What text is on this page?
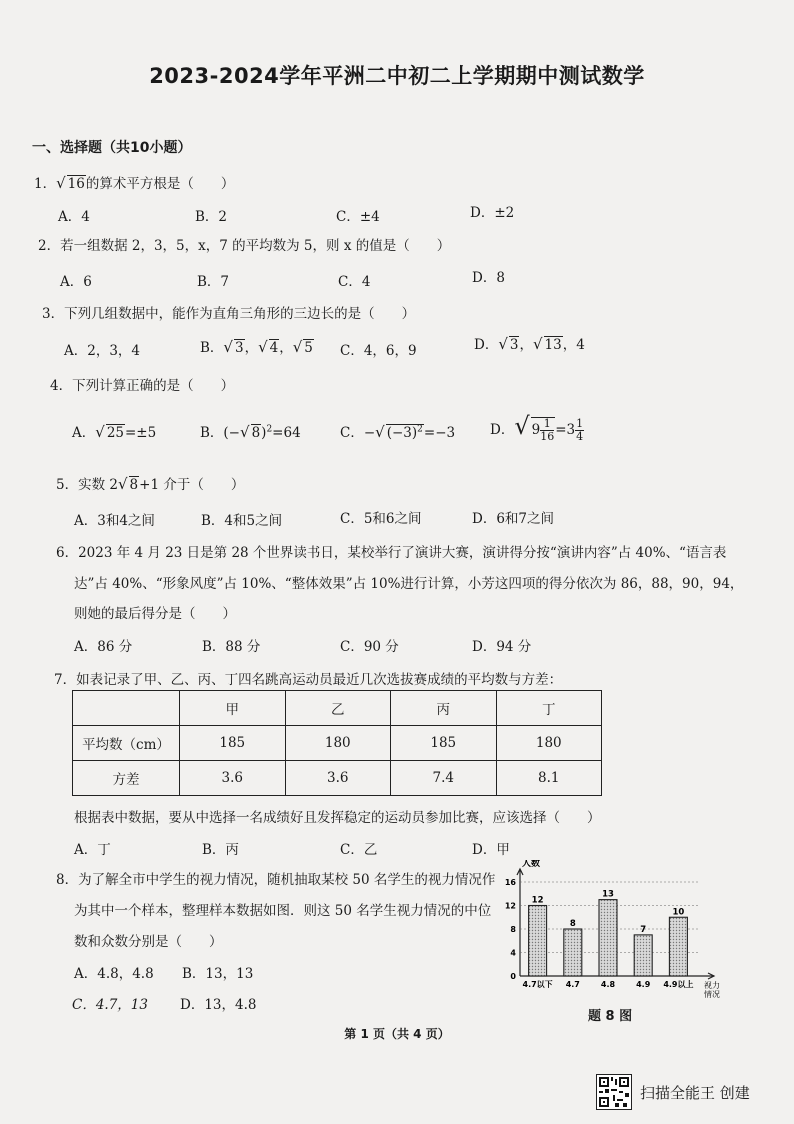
2023-2024学年平洲二中初二上学期期中测试数学
一、选择题（共10小题）
1．√ 16的算术平方根是（　　）
A．4	B．2	C．±4	D．±2
2．若一组数据 2，3，5，x，7 的平均数为 5，则 x 的值是（　　）
A．6	B．7	C．4	D．8
3．下列几组数据中，能作为直角三角形的三边长的是（　　）
A．2，3，4	B．√ 3，√ 4，√ 5 C．4，6，9	D．√ 3，√ 13，4
4．下列计算正确的是（　　）
A．√ 25=±5	B．(−√ 8)$^2$=64	C．−√ $(-3)^2=-3$	D．√ $9 \frac{1}{16} =3 \frac{1}{4}$
5．实数 2√ 8+1 介于（　　）
A．3和4之间	B．4和5之间	C．5和6之间	D．6和7之间
6．2023 年 4 月 23 日是第 28 个世界读书日，某校举行了演讲大赛，演讲得分按“演讲内容”占 40%、“语言表
达”占 40%、“形象风度”占 10%、“整体效果”占 10%进行计算，小芳这四项的得分依次为 86，88，90，94，
则她的最后得分是（　　）
A．86 分	B．88 分	C．90 分	D．94 分
7．如表记录了甲、乙、丙、丁四名跳高运动员最近几次选拔赛成绩的平均数与方差：
	甲	乙	丙	丁
平均数（cm）	185	180	185	180
方差	3.6	3.6	7.4	8.1
根据表中数据，要从中选择一名成绩好且发挥稳定的运动员参加比赛，应该选择（　　）
A．丁	B．丙	C．乙	D．甲
8．为了解全市中学生的视力情况，随机抽取某校 50 名学生的视力情况作
为其中一个样本，整理样本数据如图．则这 50 名学生视力情况的中位
数和众数分别是（　　）
A．4.8，4.8 B．13，13
C．4.7，13 D．13，4.8
人数
视力
情况
0
4
8
12
16
12
4.7以下
8
4.7
13
4.8
7
4.9
10
4.9以上
题 8 图
第 1 页（共 4 页）
扫描全能王 创建
